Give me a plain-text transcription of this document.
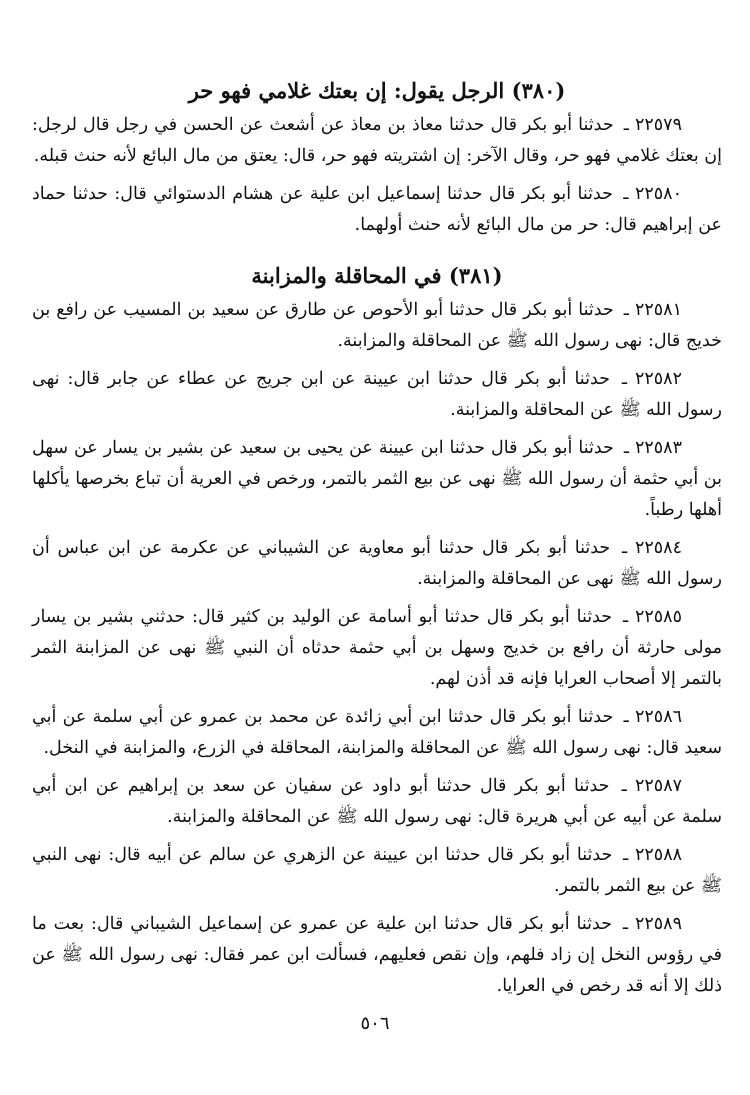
(٣٨٠) الرجل يقول: إن بعتك غلامي فهو حر

٢٢٥٧٩ ـ حدثنا أبو بكر قال حدثنا معاذ بن معاذ عن أشعث عن الحسن في رجل قال لرجل: إن بعتك غلامي فهو حر، وقال الآخر: إن اشتريته فهو حر، قال: يعتق من مال البائع لأنه حنث قبله.

٢٢٥٨٠ ـ حدثنا أبو بكر قال حدثنا إسماعيل ابن علية عن هشام الدستوائي قال: حدثنا حماد عن إبراهيم قال: حر من مال البائع لأنه حنث أولهما.

(٣٨١) في المحاقلة والمزابنة

٢٢٥٨١ ـ حدثنا أبو بكر قال حدثنا أبو الأحوص عن طارق عن سعيد بن المسيب عن رافع بن خديج قال: نهى رسول الله ﷺ عن المحاقلة والمزابنة.

٢٢٥٨٢ ـ حدثنا أبو بكر قال حدثنا ابن عيينة عن ابن جريج عن عطاء عن جابر قال: نهى رسول الله ﷺ عن المحاقلة والمزابنة.

٢٢٥٨٣ ـ حدثنا أبو بكر قال حدثنا ابن عيينة عن يحيى بن سعيد عن بشير بن يسار عن سهل بن أبي حثمة أن رسول الله ﷺ نهى عن بيع الثمر بالتمر، ورخص في العرية أن تباع بخرصها يأكلها أهلها رطباً.

٢٢٥٨٤ ـ حدثنا أبو بكر قال حدثنا أبو معاوية عن الشيباني عن عكرمة عن ابن عباس أن رسول الله ﷺ نهى عن المحاقلة والمزابنة.

٢٢٥٨٥ ـ حدثنا أبو بكر قال حدثنا أبو أسامة عن الوليد بن كثير قال: حدثني بشير بن يسار مولى حارثة أن رافع بن خديج وسهل بن أبي حثمة حدثاه أن النبي ﷺ نهى عن المزابنة الثمر بالتمر إلا أصحاب العرايا فإنه قد أذن لهم.

٢٢٥٨٦ ـ حدثنا أبو بكر قال حدثنا ابن أبي زائدة عن محمد بن عمرو عن أبي سلمة عن أبي سعيد قال: نهى رسول الله ﷺ عن المحاقلة والمزابنة، المحاقلة في الزرع، والمزابنة في النخل.

٢٢٥٨٧ ـ حدثنا أبو بكر قال حدثنا أبو داود عن سفيان عن سعد بن إبراهيم عن ابن أبي سلمة عن أبيه عن أبي هريرة قال: نهى رسول الله ﷺ عن المحاقلة والمزابنة.

٢٢٥٨٨ ـ حدثنا أبو بكر قال حدثنا ابن عيينة عن الزهري عن سالم عن أبيه قال: نهى النبي ﷺ عن بيع الثمر بالتمر.

٢٢٥٨٩ ـ حدثنا أبو بكر قال حدثنا ابن علية عن عمرو عن إسماعيل الشيباني قال: بعت ما في رؤوس النخل إن زاد فلهم، وإن نقص فعليهم، فسألت ابن عمر فقال: نهى رسول الله ﷺ عن ذلك إلا أنه قد رخص في العرايا.

٥٠٦
